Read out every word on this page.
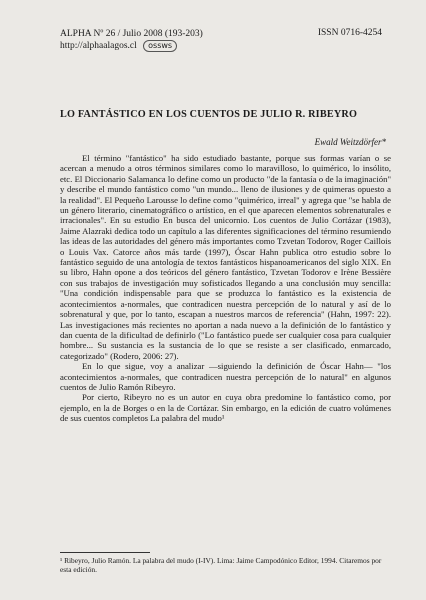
ALPHA Nº 26 / Julio 2008 (193-203)
http://alphaalagos.cl ossws
ISSN 0716-4254
LO FANTÁSTICO EN LOS CUENTOS DE JULIO R. RIBEYRO
Ewald Weitzdörfer*

El término "fantástico" ha sido estudiado bastante, porque sus formas varían o se acercan a menudo a otros términos similares como lo maravilloso, lo quimérico, lo insólito, etc. El Diccionario Salamanca lo define como un producto "de la fantasía o de la imaginación" y describe el mundo fantástico como "un mundo... lleno de ilusiones y de quimeras opuesto a la realidad". El Pequeño Larousse lo define como "quimérico, irreal" y agrega que "se habla de un género literario, cinematográfico o artístico, en el que aparecen elementos sobrenaturales e irracionales". En su estudio En busca del unicornio. Los cuentos de Julio Cortázar (1983), Jaime Alazraki dedica todo un capítulo a las diferentes significaciones del término resumiendo las ideas de las autoridades del género más importantes como Tzvetan Todorov, Roger Caillois o Louis Vax. Catorce años más tarde (1997), Óscar Hahn publica otro estudio sobre lo fantástico seguido de una antología de textos fantásticos hispanoamericanos del siglo XIX. En su libro, Hahn opone a dos teóricos del género fantástico, Tzvetan Todorov e Irène Bessière con sus trabajos de investigación muy sofisticados llegando a una conclusión muy sencilla: "Una condición indispensable para que se produzca lo fantástico es la existencia de acontecimientos a-normales, que contradicen nuestra percepción de lo natural y así de lo sobrenatural y que, por lo tanto, escapan a nuestros marcos de referencia" (Hahn, 1997: 22). Las investigaciones más recientes no aportan a nada nuevo a la definición de lo fantástico y dan cuenta de la dificultad de definirlo ("Lo fantástico puede ser cualquier cosa para cualquier hombre... Su sustancia es la sustancia de lo que se resiste a ser clasificado, enmarcado, categorizado" (Rodero, 2006: 27).

En lo que sigue, voy a analizar —siguiendo la definición de Óscar Hahn— "los acontecimientos a-normales, que contradicen nuestra percepción de lo natural" en algunos cuentos de Julio Ramón Ribeyro.

Por cierto, Ribeyro no es un autor en cuya obra predomine lo fantástico como, por ejemplo, en la de Borges o en la de Cortázar. Sin embargo, en la edición de cuatro volúmenes de sus cuentos completos La palabra del mudo¹

¹ Ribeyro, Julio Ramón. La palabra del mudo (I-IV). Lima: Jaime Campodónico Editor, 1994. Citaremos por esta edición.
